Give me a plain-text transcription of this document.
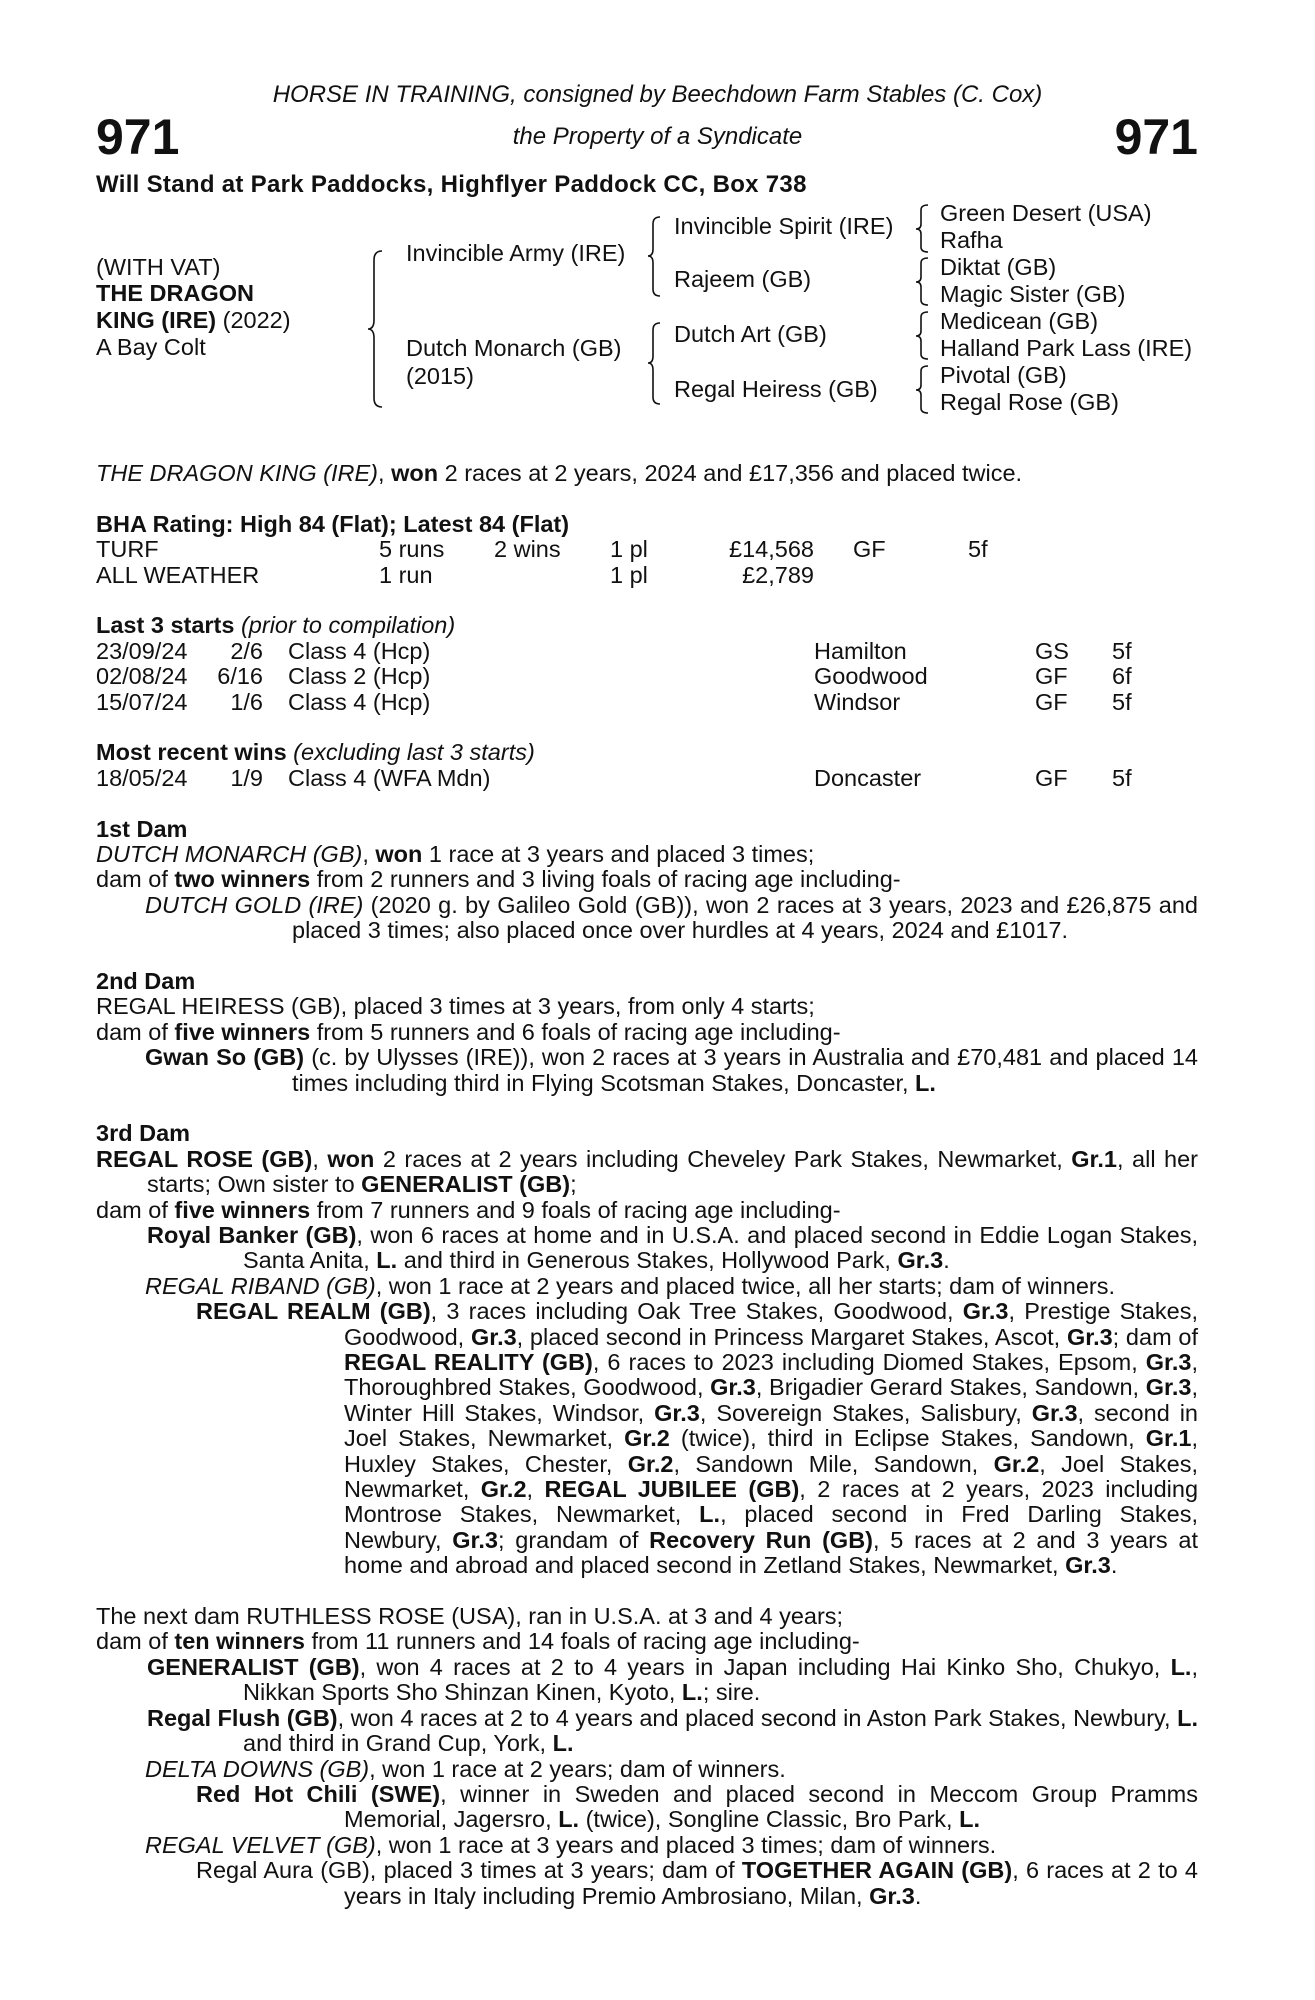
HORSE IN TRAINING, consigned by Beechdown Farm Stables (C. Cox)
971	the Property of a Syndicate	971
Will Stand at Park Paddocks, Highflyer Paddock CC, Box 738
(WITH VAT)
THE DRAGON
KING (IRE) (2022)
A Bay Colt
Invincible Army (IRE)
Dutch Monarch (GB)
(2015)
Invincible Spirit (IRE)
Rajeem (GB)
Dutch Art (GB)
Regal Heiress (GB)
Green Desert (USA)
Rafha
Diktat (GB)
Magic Sister (GB)
Medicean (GB)
Halland Park Lass (IRE)
Pivotal (GB)
Regal Rose (GB)
THE DRAGON KING (IRE), won 2 races at 2 years, 2024 and £17,356 and placed twice.
BHA Rating: High 84 (Flat); Latest 84 (Flat)
TURF	5 runs 2 wins 1 pl	£14,568 GF	5f
ALL WEATHER	1 run	1 pl	£2,789
Last 3 starts (prior to compilation)
23/09/24 2/6 Class 4 (Hcp)	Hamilton	GS 5f
02/08/24 6/16 Class 2 (Hcp)	Goodwood	GF 6f
15/07/24 1/6 Class 4 (Hcp)	Windsor	GF 5f
Most recent wins (excluding last 3 starts)
18/05/24 1/9 Class 4 (WFA Mdn)	Doncaster	GF 5f
1st Dam
DUTCH MONARCH (GB), won 1 race at 3 years and placed 3 times;
dam of two winners from 2 runners and 3 living foals of racing age including-
DUTCH GOLD (IRE) (2020 g. by Galileo Gold (GB)), won 2 races at 3 years, 2023 and £26,875 and placed 3 times; also placed once over hurdles at 4 years, 2024 and £1017.
2nd Dam
REGAL HEIRESS (GB), placed 3 times at 3 years, from only 4 starts;
dam of five winners from 5 runners and 6 foals of racing age including-
Gwan So (GB) (c. by Ulysses (IRE)), won 2 races at 3 years in Australia and £70,481 and placed 14 times including third in Flying Scotsman Stakes, Doncaster, L.
3rd Dam
REGAL ROSE (GB), won 2 races at 2 years including Cheveley Park Stakes, Newmarket, Gr.1, all her starts; Own sister to GENERALIST (GB);
dam of five winners from 7 runners and 9 foals of racing age including-
Royal Banker (GB), won 6 races at home and in U.S.A. and placed second in Eddie Logan Stakes, Santa Anita, L. and third in Generous Stakes, Hollywood Park, Gr.3.
REGAL RIBAND (GB), won 1 race at 2 years and placed twice, all her starts; dam of winners.
REGAL REALM (GB), 3 races including Oak Tree Stakes, Goodwood, Gr.3, Prestige Stakes, Goodwood, Gr.3, placed second in Princess Margaret Stakes, Ascot, Gr.3; dam of REGAL REALITY (GB), 6 races to 2023 including Diomed Stakes, Epsom, Gr.3, Thoroughbred Stakes, Goodwood, Gr.3, Brigadier Gerard Stakes, Sandown, Gr.3, Winter Hill Stakes, Windsor, Gr.3, Sovereign Stakes, Salisbury, Gr.3, second in Joel Stakes, Newmarket, Gr.2 (twice), third in Eclipse Stakes, Sandown, Gr.1, Huxley Stakes, Chester, Gr.2, Sandown Mile, Sandown, Gr.2, Joel Stakes, Newmarket, Gr.2, REGAL JUBILEE (GB), 2 races at 2 years, 2023 including Montrose Stakes, Newmarket, L., placed second in Fred Darling Stakes, Newbury, Gr.3; grandam of Recovery Run (GB), 5 races at 2 and 3 years at home and abroad and placed second in Zetland Stakes, Newmarket, Gr.3.
The next dam RUTHLESS ROSE (USA), ran in U.S.A. at 3 and 4 years;
dam of ten winners from 11 runners and 14 foals of racing age including-
GENERALIST (GB), won 4 races at 2 to 4 years in Japan including Hai Kinko Sho, Chukyo, L., Nikkan Sports Sho Shinzan Kinen, Kyoto, L.; sire.
Regal Flush (GB), won 4 races at 2 to 4 years and placed second in Aston Park Stakes, Newbury, L. and third in Grand Cup, York, L.
DELTA DOWNS (GB), won 1 race at 2 years; dam of winners.
Red Hot Chili (SWE), winner in Sweden and placed second in Meccom Group Pramms Memorial, Jagersro, L. (twice), Songline Classic, Bro Park, L.
REGAL VELVET (GB), won 1 race at 3 years and placed 3 times; dam of winners.
Regal Aura (GB), placed 3 times at 3 years; dam of TOGETHER AGAIN (GB), 6 races at 2 to 4 years in Italy including Premio Ambrosiano, Milan, Gr.3.
